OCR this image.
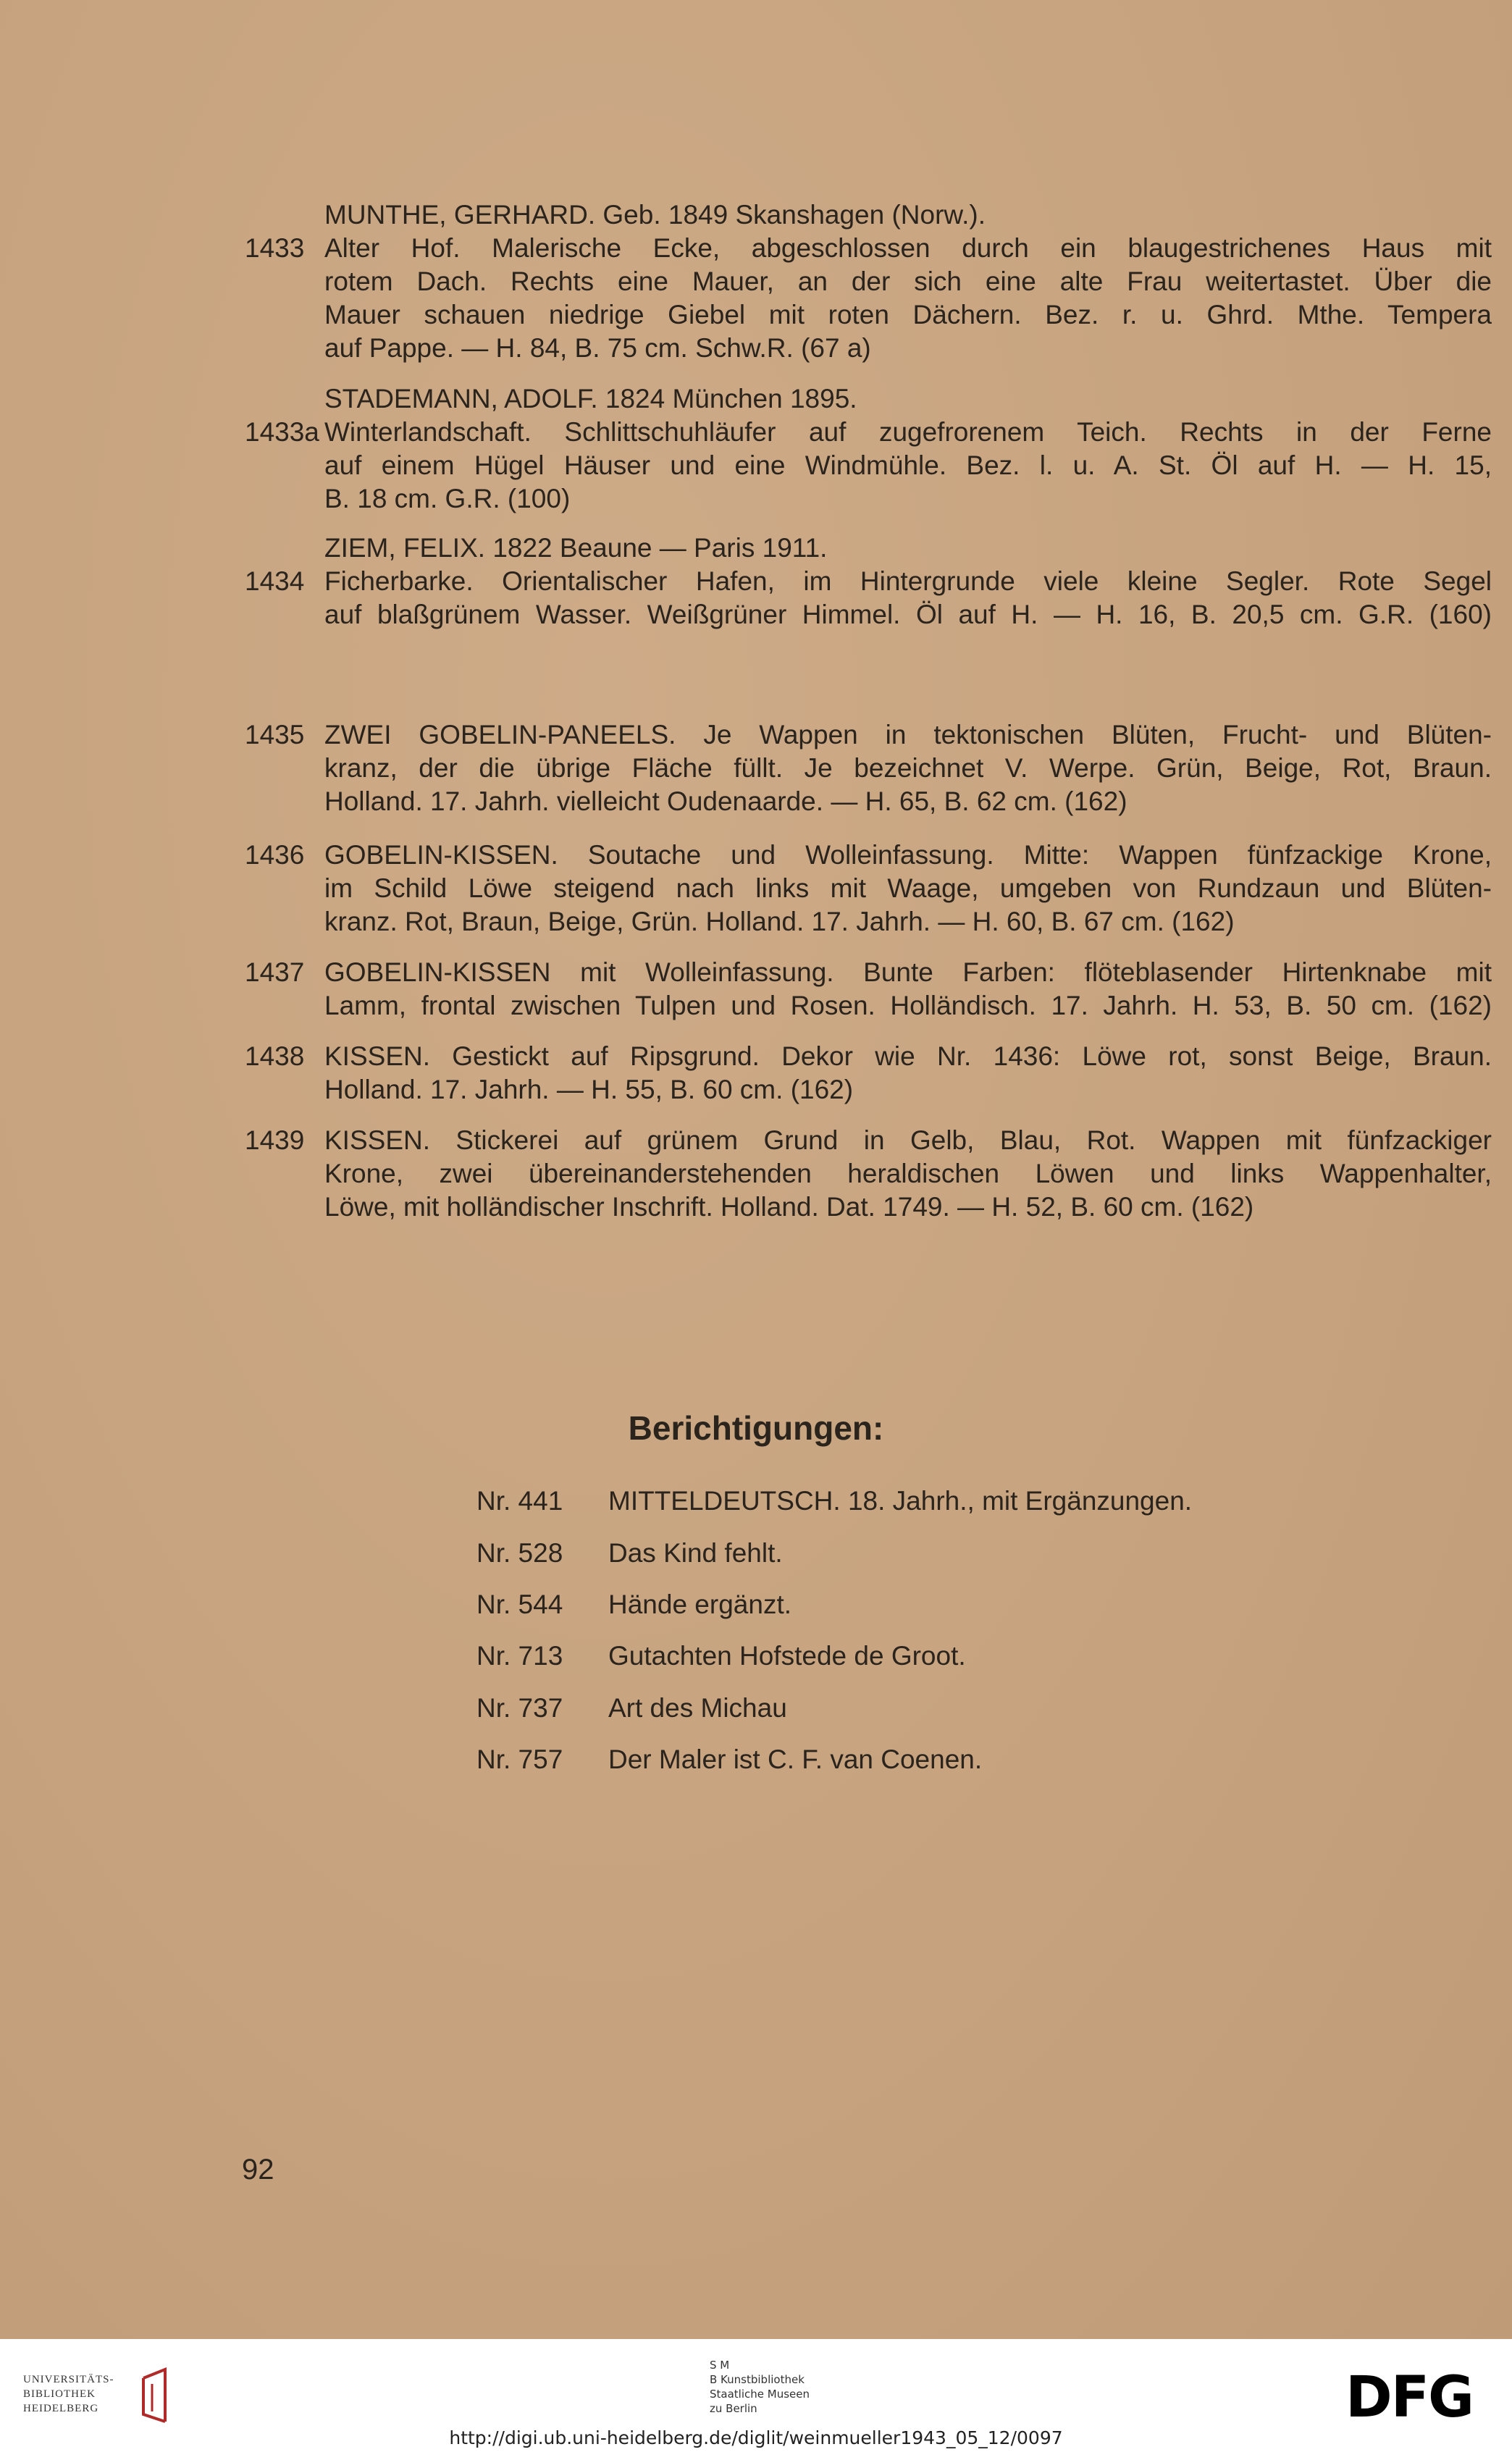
MUNTHE, GERHARD. Geb. 1849 Skanshagen (Norw.).
1433 Alter Hof. Malerische Ecke, abgeschlossen durch ein blaugestrichenes Haus mit
rotem Dach. Rechts eine Mauer, an der sich eine alte Frau weitertastet. Über die
Mauer schauen niedrige Giebel mit roten Dächern. Bez. r. u. Ghrd. Mthe. Tempera
auf Pappe. — H. 84, B. 75 cm. Schw.R. (67 a)
STADEMANN, ADOLF. 1824 München 1895.
1433a Winterlandschaft. Schlittschuhläufer auf zugefrorenem Teich. Rechts in der Ferne
auf einem Hügel Häuser und eine Windmühle. Bez. l. u. A. St. Öl auf H. — H. 15,
B. 18 cm. G.R. (100)
ZIEM, FELIX. 1822 Beaune — Paris 1911.
1434 Ficherbarke. Orientalischer Hafen, im Hintergrunde viele kleine Segler. Rote Segel
auf blaßgrünem Wasser. Weißgrüner Himmel. Öl auf H. — H. 16, B. 20,5 cm. G.R. (160)
1435 ZWEI GOBELIN-PANEELS. Je Wappen in tektonischen Blüten, Frucht- und Blüten-
kranz, der die übrige Fläche füllt. Je bezeichnet V. Werpe. Grün, Beige, Rot, Braun.
Holland. 17. Jahrh. vielleicht Oudenaarde. — H. 65, B. 62 cm. (162)
1436 GOBELIN-KISSEN. Soutache und Wolleinfassung. Mitte: Wappen fünfzackige Krone,
im Schild Löwe steigend nach links mit Waage, umgeben von Rundzaun und Blüten-
kranz. Rot, Braun, Beige, Grün. Holland. 17. Jahrh. — H. 60, B. 67 cm. (162)
1437 GOBELIN-KISSEN mit Wolleinfassung. Bunte Farben: flöteblasender Hirtenknabe mit
Lamm, frontal zwischen Tulpen und Rosen. Holländisch. 17. Jahrh. H. 53, B. 50 cm. (162)
1438 KISSEN. Gestickt auf Ripsgrund. Dekor wie Nr. 1436: Löwe rot, sonst Beige, Braun.
Holland. 17. Jahrh. — H. 55, B. 60 cm. (162)
1439 KISSEN. Stickerei auf grünem Grund in Gelb, Blau, Rot. Wappen mit fünfzackiger
Krone, zwei übereinanderstehenden heraldischen Löwen und links Wappenhalter,
Löwe, mit holländischer Inschrift. Holland. Dat. 1749. — H. 52, B. 60 cm. (162)
Berichtigungen:
Nr. 441 MITTELDEUTSCH. 18. Jahrh., mit Ergänzungen.
Nr. 528 Das Kind fehlt.
Nr. 544 Hände ergänzt.
Nr. 713 Gutachten Hofstede de Groot.
Nr. 737 Art des Michau
Nr. 757 Der Maler ist C. F. van Coenen.
92
UNIVERSITÄTS-
BIBLIOTHEK
HEIDELBERG
S M
B Kunstbibliothek
Staatliche Museen
zu Berlin	DFG
http://digi.ub.uni-heidelberg.de/diglit/weinmueller1943_05_12/0097
